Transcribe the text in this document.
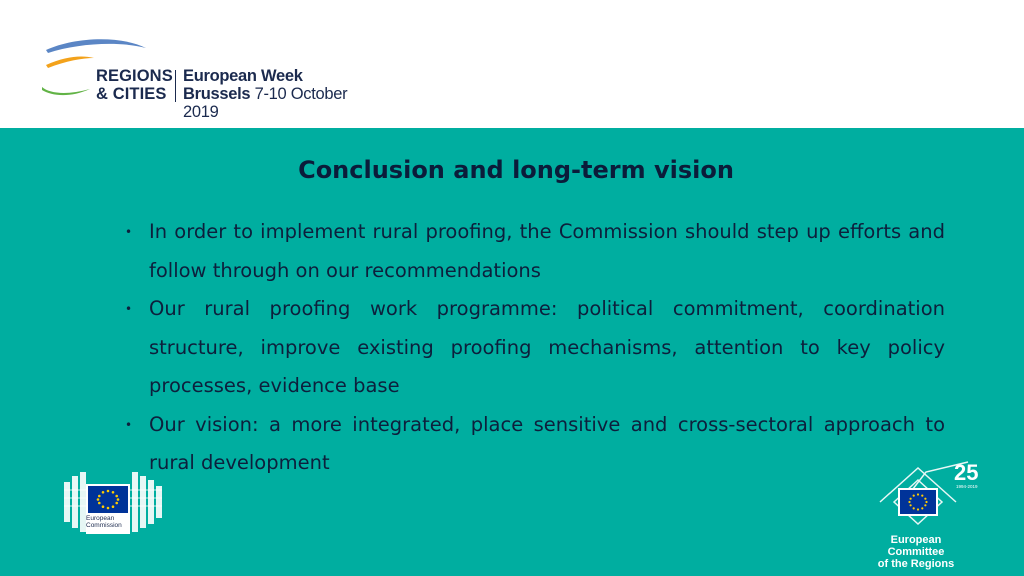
REGIONS
& CITIES
European Week
Brussels 7-10 October 2019
Conclusion and long-term vision
• In order to implement rural proofing, the Commission should step up efforts and follow through on our recommendations
• Our rural proofing work programme: political commitment, coordination structure, improve existing proofing mechanisms, attention to key policy processes, evidence base
• Our vision: a more integrated, place sensitive and cross-sectoral approach to rural development
European
Commission
25
1994-2019
European Committee
of the Regions
